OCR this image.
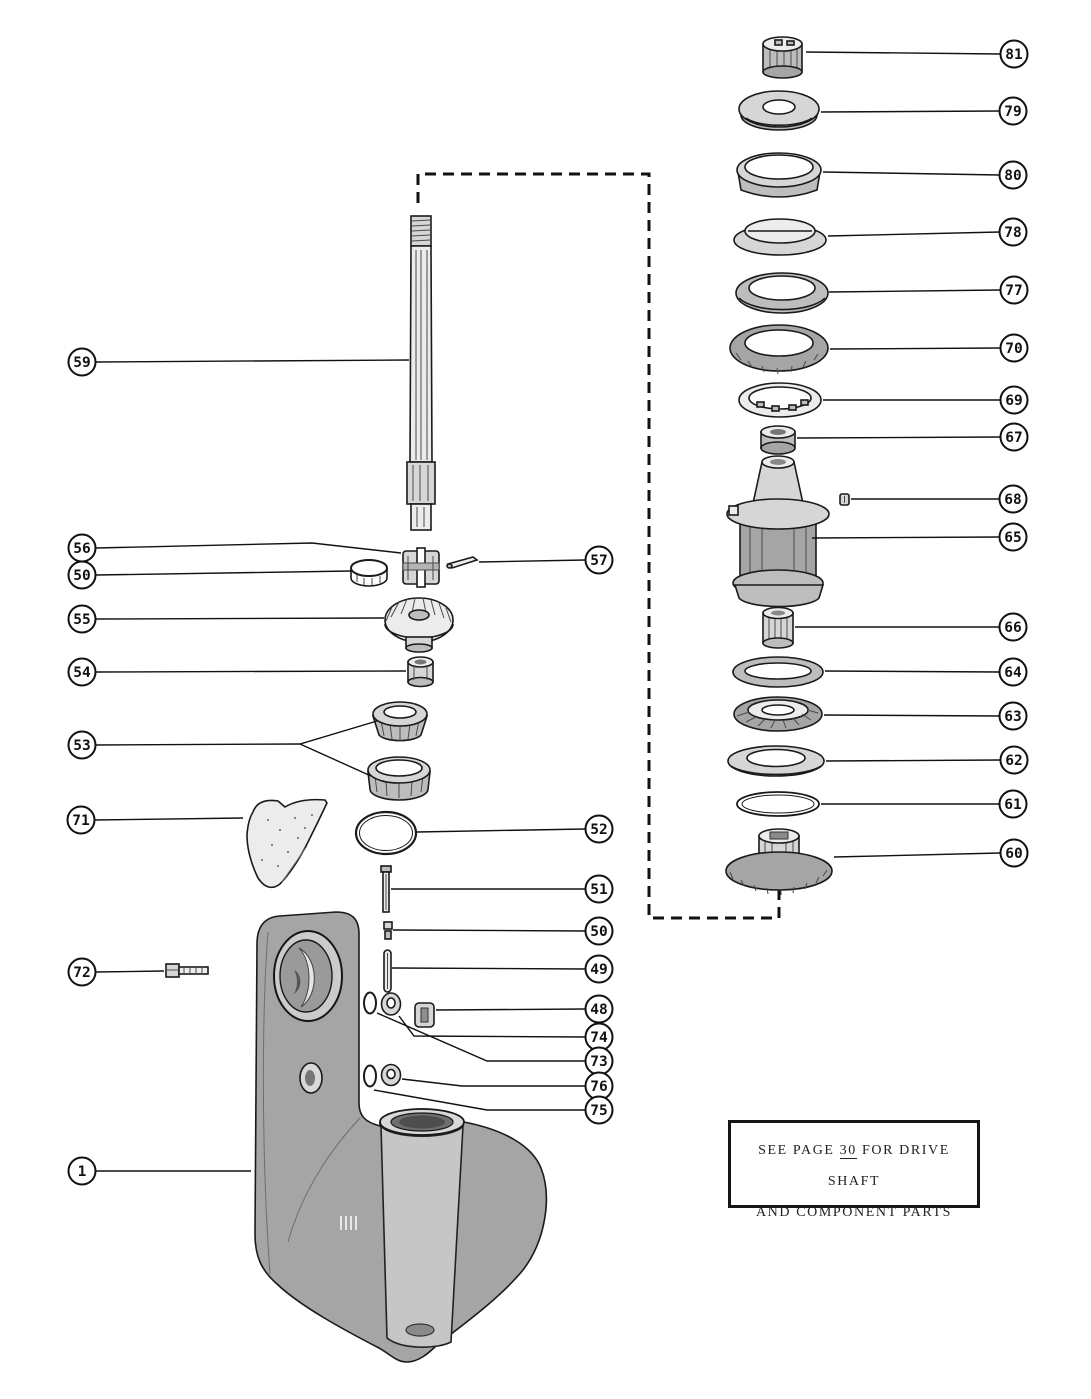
59
56
50
55
54
53
71
72
1
57
52
51
50
49
48
74
73
76
75
81
79
80
78
77
70
69
67
68
65
66
64
63
62
61
60
SEE PAGE 30 FOR DRIVE SHAFT
AND COMPONENT PARTS
